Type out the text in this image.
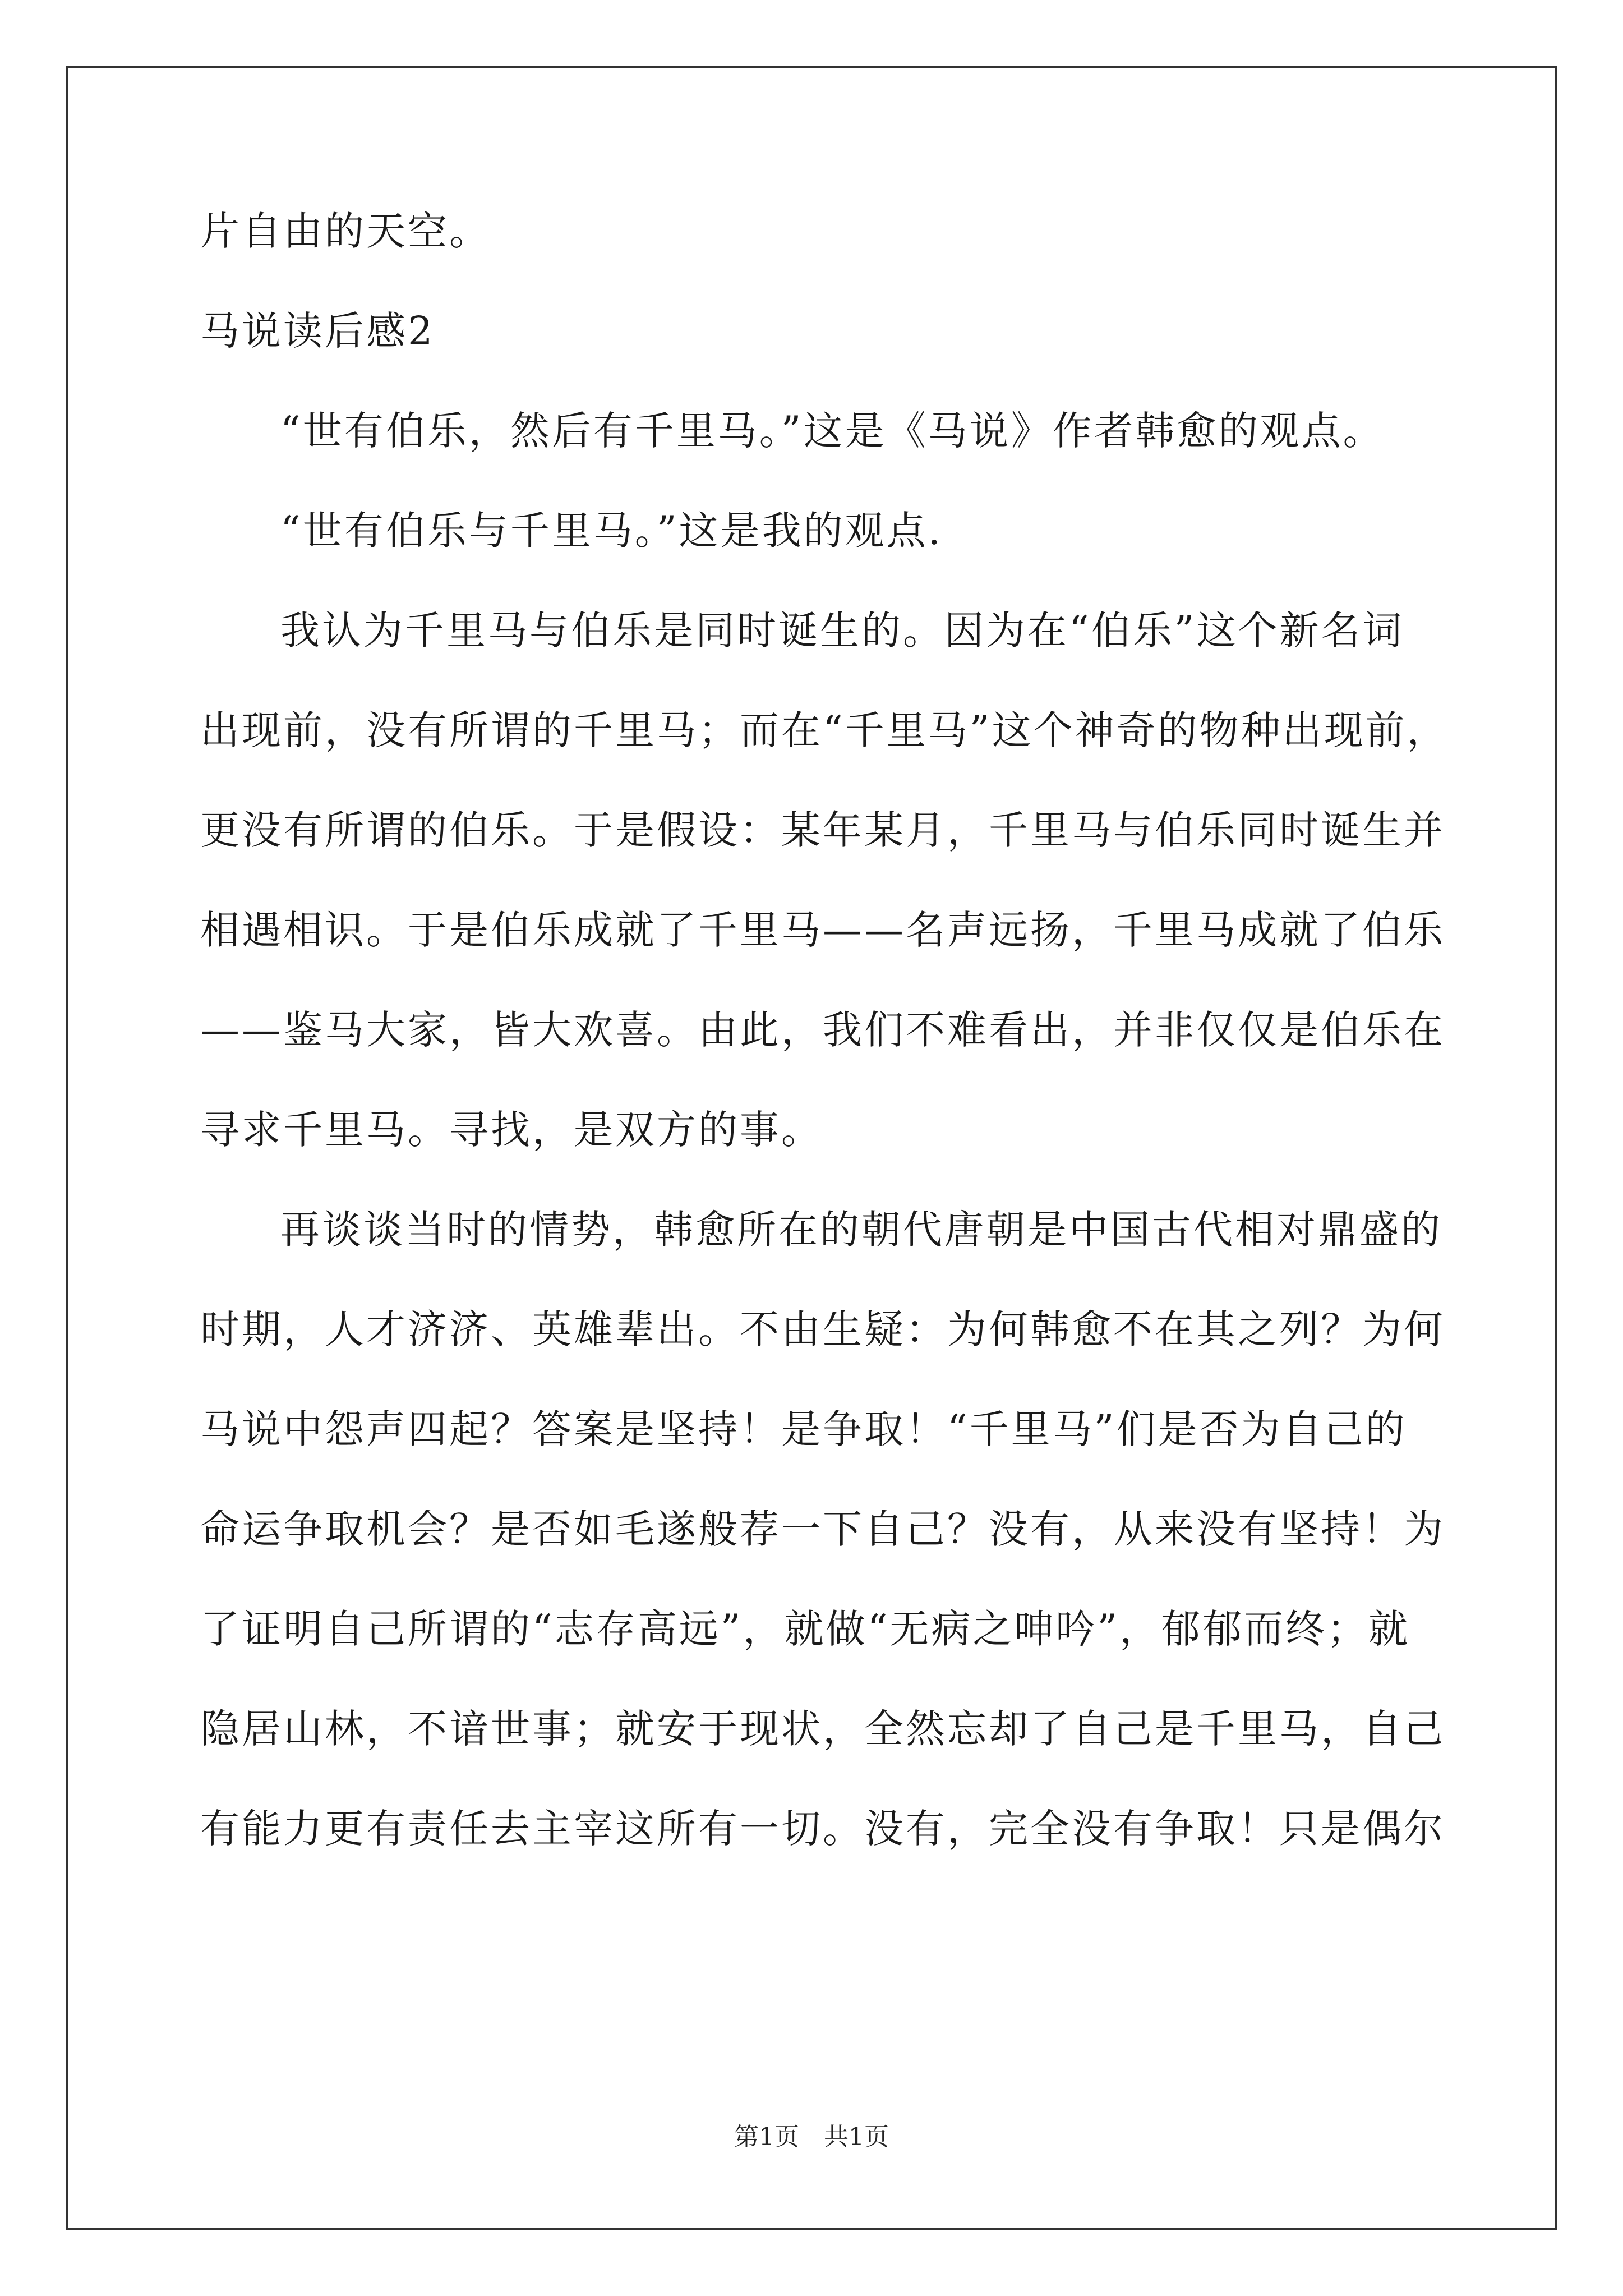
片自由的天空。
马说读后感2
“世有伯乐，然后有千里马。”这是《马说》作者韩愈的观点。
“世有伯乐与千里马。”这是我的观点.
我认为千里马与伯乐是同时诞生的。因为在“伯乐”这个新名词
出现前，没有所谓的千里马；而在“千里马”这个神奇的物种出现前，
更没有所谓的伯乐。于是假设：某年某月，千里马与伯乐同时诞生并
相遇相识。于是伯乐成就了千里马——名声远扬，千里马成就了伯乐
——鉴马大家，皆大欢喜。由此，我们不难看出，并非仅仅是伯乐在
寻求千里马。寻找，是双方的事。
再谈谈当时的情势，韩愈所在的朝代唐朝是中国古代相对鼎盛的
时期，人才济济、英雄辈出。不由生疑：为何韩愈不在其之列？为何
马说中怨声四起？答案是坚持！是争取！“千里马”们是否为自己的
命运争取机会？是否如毛遂般荐一下自己？没有，从来没有坚持！为
了证明自己所谓的“志存高远”，就做“无病之呻吟”，郁郁而终；就
隐居山林，不谙世事；就安于现状，全然忘却了自己是千里马，自己
有能力更有责任去主宰这所有一切。没有，完全没有争取！只是偶尔
第1页　共1页
